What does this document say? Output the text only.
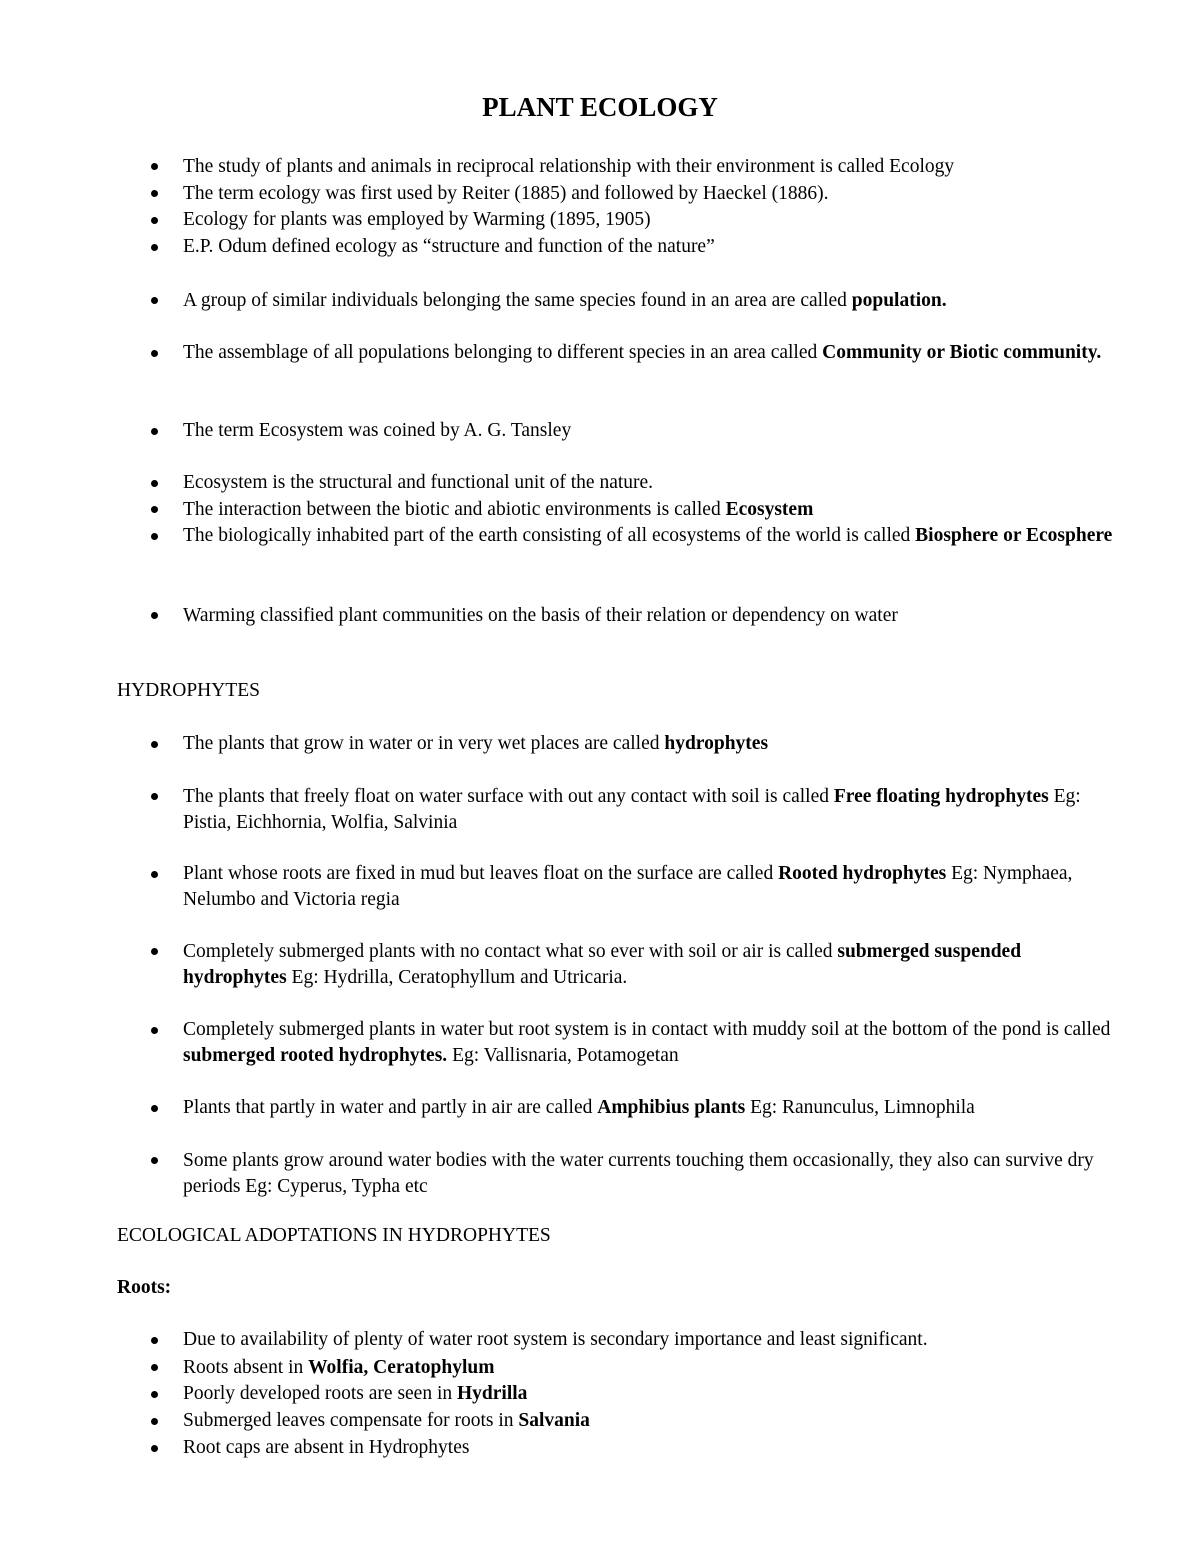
PLANT ECOLOGY

The study of plants and animals in reciprocal relationship with their environment is called Ecology

The term ecology was first used by Reiter (1885) and followed by Haeckel (1886).

Ecology for plants was employed by Warming (1895, 1905)

E.P. Odum defined ecology as “structure and function of the nature”

A group of similar individuals belonging the same species found in an area are called population.

The assemblage of all populations belonging to different species in an area called Community or Biotic community.

The term Ecosystem was coined by A. G. Tansley

Ecosystem is the structural and functional unit of the nature.

The interaction between the biotic and abiotic environments is called Ecosystem

The biologically inhabited part of the earth consisting of all ecosystems of the world is called Biosphere or Ecosphere

Warming classified plant communities on the basis of their relation or dependency on water

HYDROPHYTES

The plants that grow in water or in very wet places are called hydrophytes

The plants that freely float on water surface with out any contact with soil is called Free floating hydrophytes Eg: Pistia, Eichhornia, Wolfia, Salvinia

Plant whose roots are fixed in mud but leaves float on the surface are called Rooted hydrophytes Eg: Nymphaea, Nelumbo and Victoria regia

Completely submerged plants with no contact what so ever with soil or air is called submerged suspended hydrophytes Eg: Hydrilla, Ceratophyllum and Utricaria.

Completely submerged plants in water but root system is in contact with muddy soil at the bottom of the pond is called submerged rooted hydrophytes. Eg: Vallisnaria, Potamogetan

Plants that partly in water and partly in air are called Amphibius plants Eg: Ranunculus, Limnophila

Some plants grow around water bodies with the water currents touching them occasionally, they also can survive dry periods Eg: Cyperus, Typha etc

ECOLOGICAL ADOPTATIONS IN HYDROPHYTES

Roots:

Due to availability of plenty of water root system is secondary importance and least significant.

Roots absent in Wolfia, Ceratophylum

Poorly developed roots are seen in Hydrilla

Submerged leaves compensate for roots in Salvania

Root caps are absent in Hydrophytes
